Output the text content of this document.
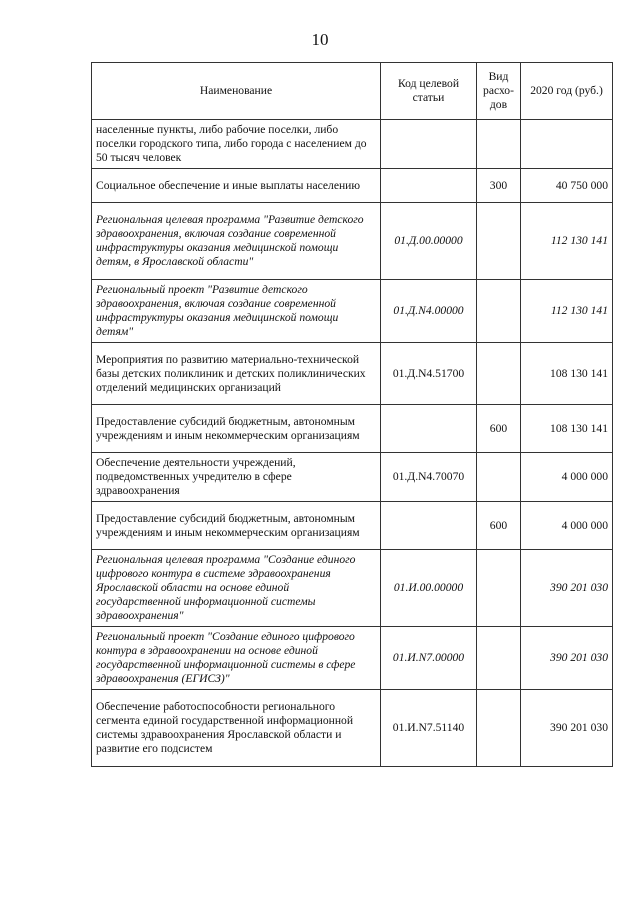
10
Наименование	Код целевой статьи	Вид расхо-дов	2020 год (руб.)
населенные пункты, либо рабочие поселки, либо поселки городского типа, либо города с населением до 50 тысяч человек			
Социальное обеспечение и иные выплаты населению		300	40 750 000
Региональная целевая программа "Развитие детского здравоохранения, включая создание современной инфраструктуры оказания медицинской помощи детям, в Ярославской области"	01.Д.00.00000		112 130 141
Региональный проект "Развитие детского здравоохранения, включая создание современной инфраструктуры оказания медицинской помощи детям"	01.Д.N4.00000		112 130 141
Мероприятия по развитию материально-технической базы детских поликлиник и детских поликлинических отделений медицинских организаций	01.Д.N4.51700		108 130 141
Предоставление субсидий бюджетным, автономным учреждениям и иным некоммерческим организациям		600	108 130 141
Обеспечение деятельности учреждений, подведомственных учредителю в сфере здравоохранения	01.Д.N4.70070		4 000 000
Предоставление субсидий бюджетным, автономным учреждениям и иным некоммерческим организациям		600	4 000 000
Региональная целевая программа "Создание единого цифрового контура в системе здравоохранения Ярославской области на основе единой государственной информационной системы здравоохранения"	01.И.00.00000		390 201 030
Региональный проект "Создание единого цифрового контура в здравоохранении на основе единой государственной информационной системы в сфере здравоохранения (ЕГИСЗ)"	01.И.N7.00000		390 201 030
Обеспечение работоспособности регионального сегмента единой государственной информационной системы здравоохранения Ярославской области и развитие его подсистем	01.И.N7.51140		390 201 030
